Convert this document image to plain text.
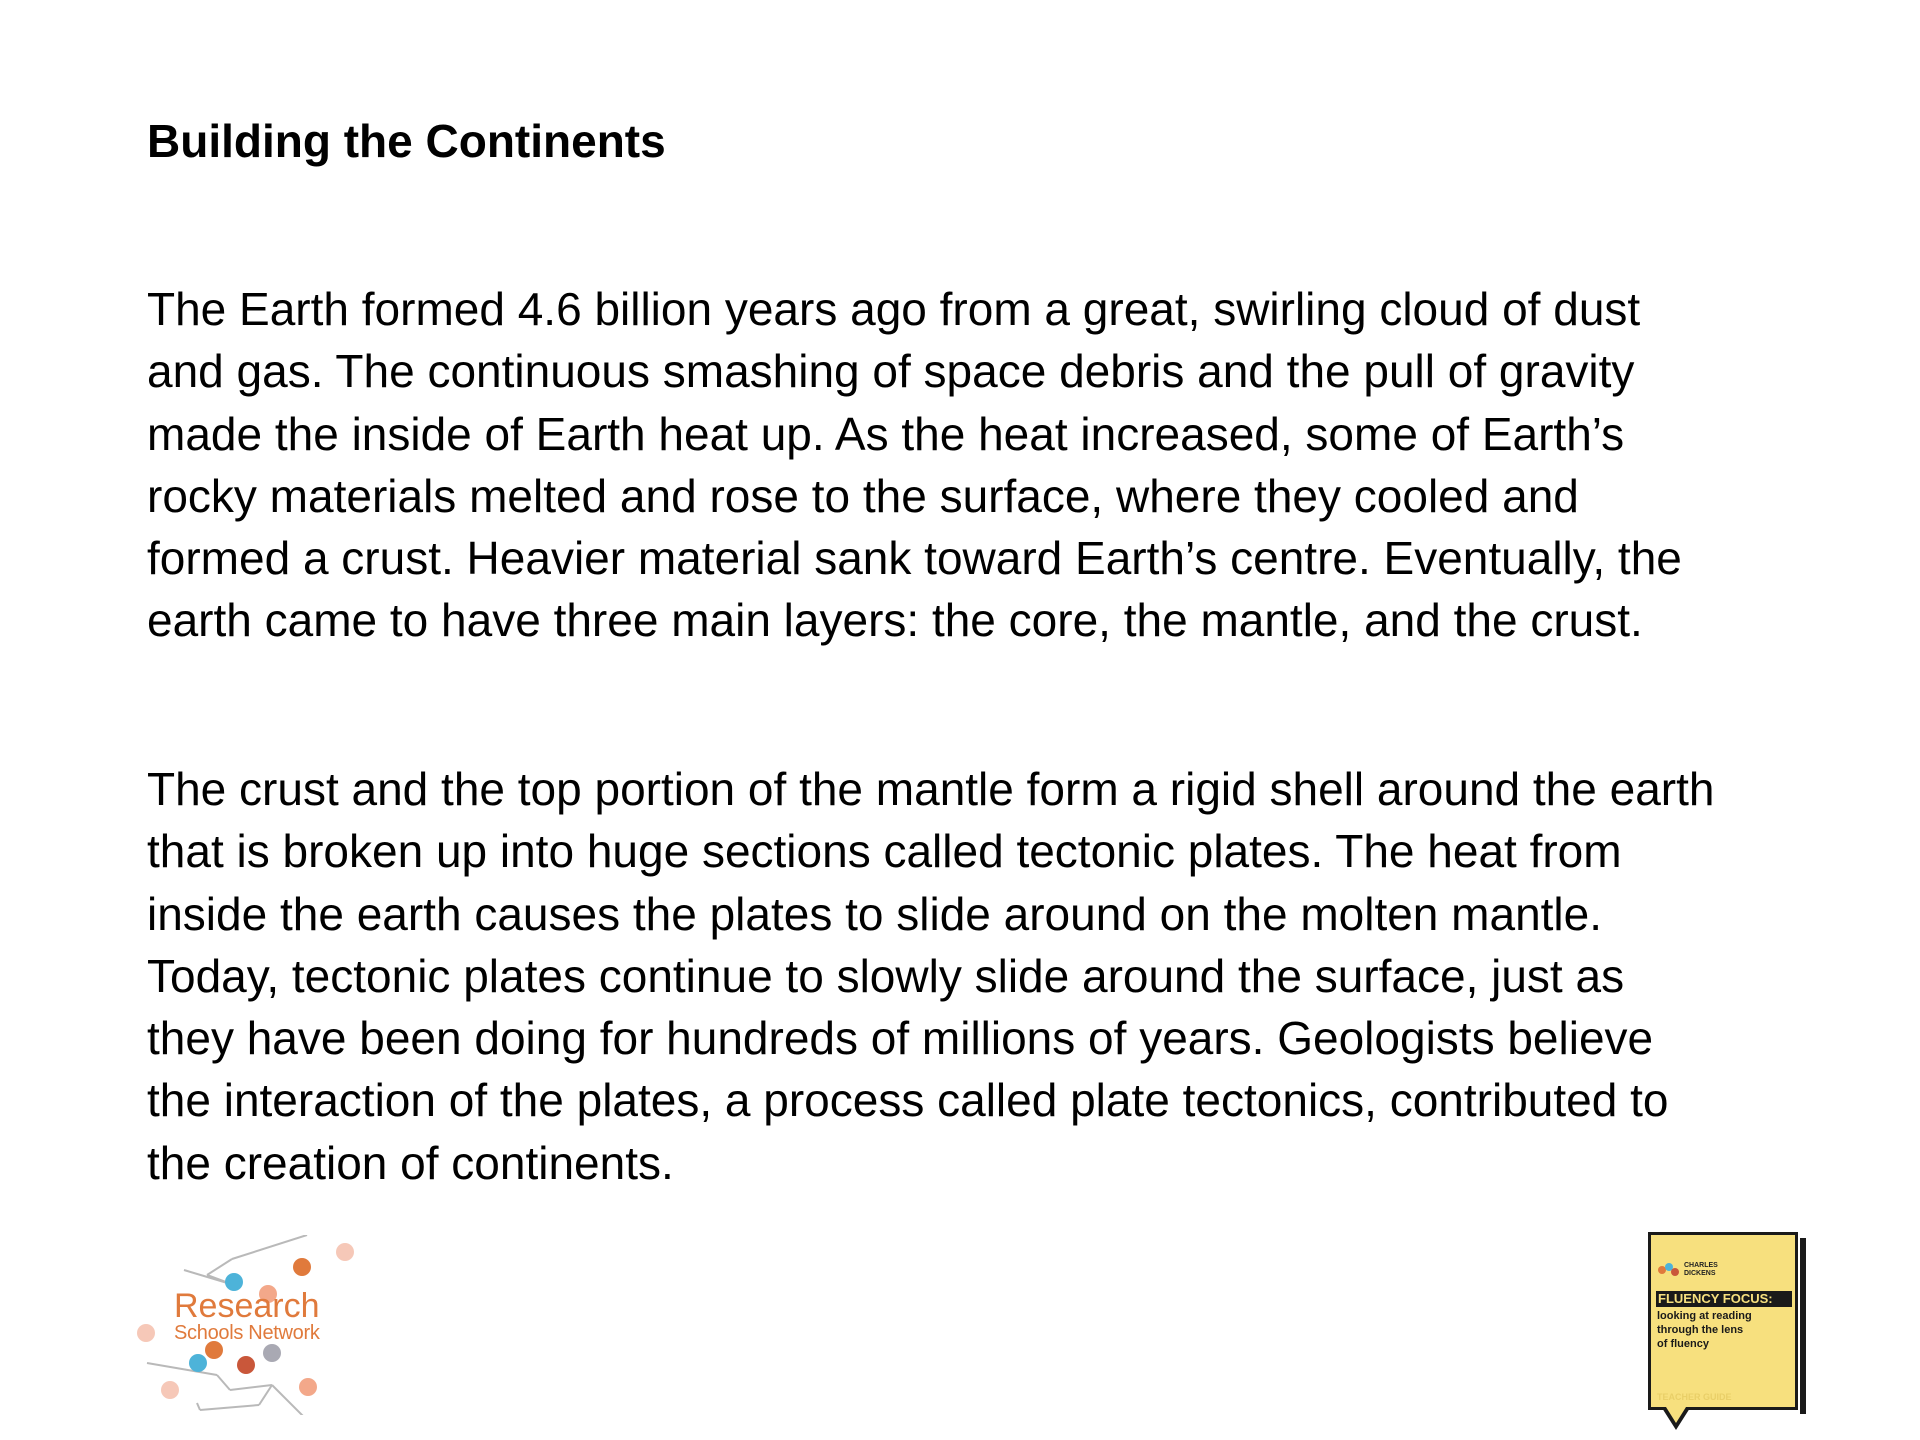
Building the Continents

The Earth formed 4.6 billion years ago from a great, swirling cloud of dust
and gas. The continuous smashing of space debris and the pull of gravity
made the inside of Earth heat up. As the heat increased, some of Earth’s
rocky materials melted and rose to the surface, where they cooled and
formed a crust. Heavier material sank toward Earth’s centre. Eventually, the
earth came to have three main layers: the core, the mantle, and the crust.

The crust and the top portion of the mantle form a rigid shell around the earth
that is broken up into huge sections called tectonic plates. The heat from
inside the earth causes the plates to slide around on the molten mantle.
Today, tectonic plates continue to slowly slide around the surface, just as
they have been doing for hundreds of millions of years. Geologists believe
the interaction of the plates, a process called plate tectonics, contributed to
the creation of continents.

Research
Schools Network
CHARLES
DICKENS
FLUENCY FOCUS:
looking at reading
through the lens
of fluency
TEACHER GUIDE
